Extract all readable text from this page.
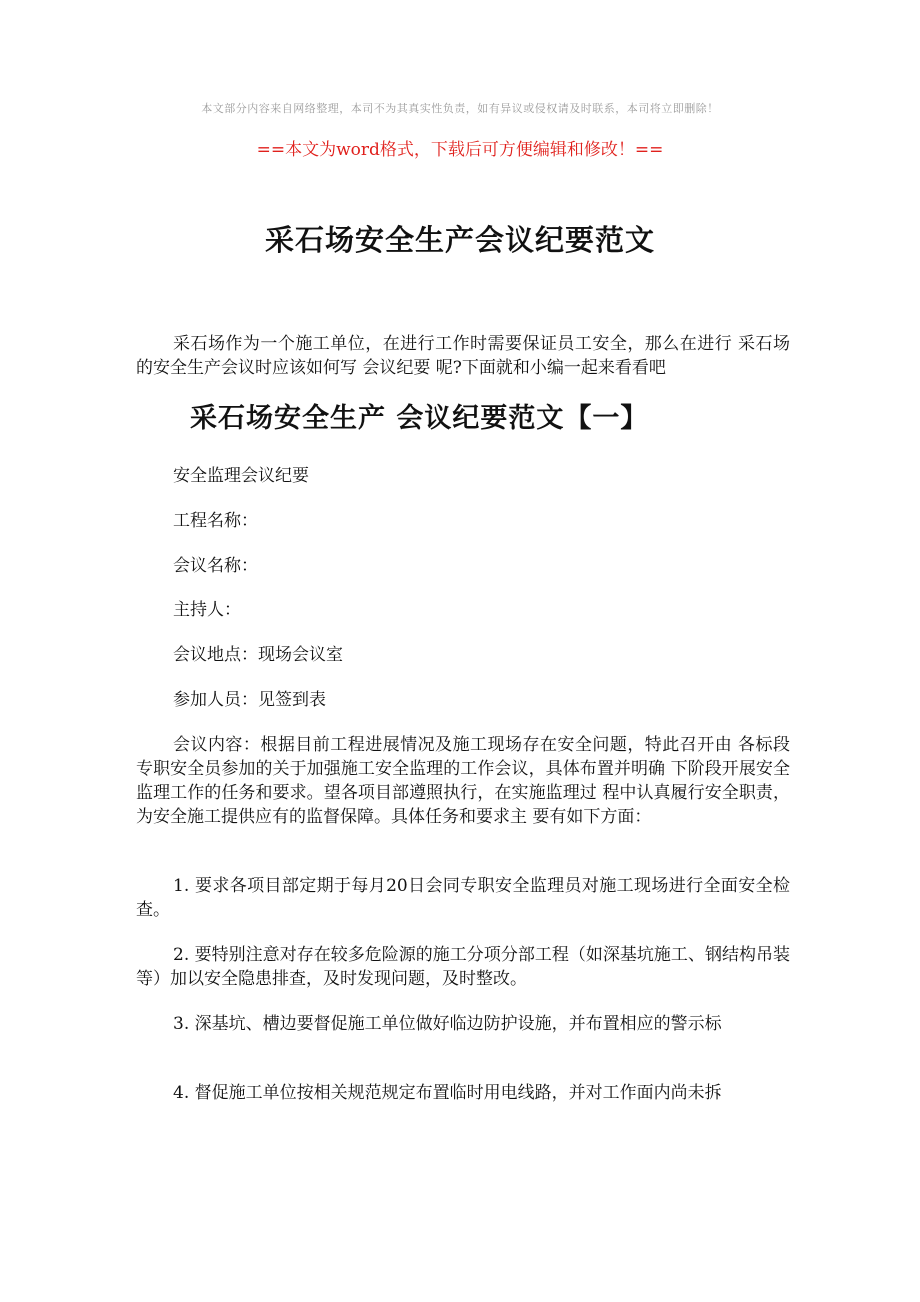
本文部分内容来自网络整理，本司不为其真实性负责，如有异议或侵权请及时联系，本司将立即删除！
==本文为word格式，下载后可方便编辑和修改！==
采石场安全生产会议纪要范文
采石场作为一个施工单位，在进行工作时需要保证员工安全，那么在进行 采石场的安全生产会议时应该如何写 会议纪要 呢?下面就和小编一起来看看吧
采石场安全生产 会议纪要范文【一】
安全监理会议纪要
工程名称：
会议名称：
主持人：
会议地点：现场会议室
参加人员：见签到表
会议内容：根据目前工程进展情况及施工现场存在安全问题，特此召开由 各标段专职安全员参加的关于加强施工安全监理的工作会议，具体布置并明确 下阶段开展安全监理工作的任务和要求。望各项目部遵照执行，在实施监理过 程中认真履行安全职责，为安全施工提供应有的监督保障。具体任务和要求主 要有如下方面：
1. 要求各项目部定期于每月20日会同专职安全监理员对施工现场进行全面安全检查。
2. 要特别注意对存在较多危险源的施工分项分部工程（如深基坑施工、钢结构吊装等）加以安全隐患排查，及时发现问题，及时整改。
3. 深基坑、槽边要督促施工单位做好临边防护设施，并布置相应的警示标
4. 督促施工单位按相关规范规定布置临时用电线路，并对工作面内尚未拆
